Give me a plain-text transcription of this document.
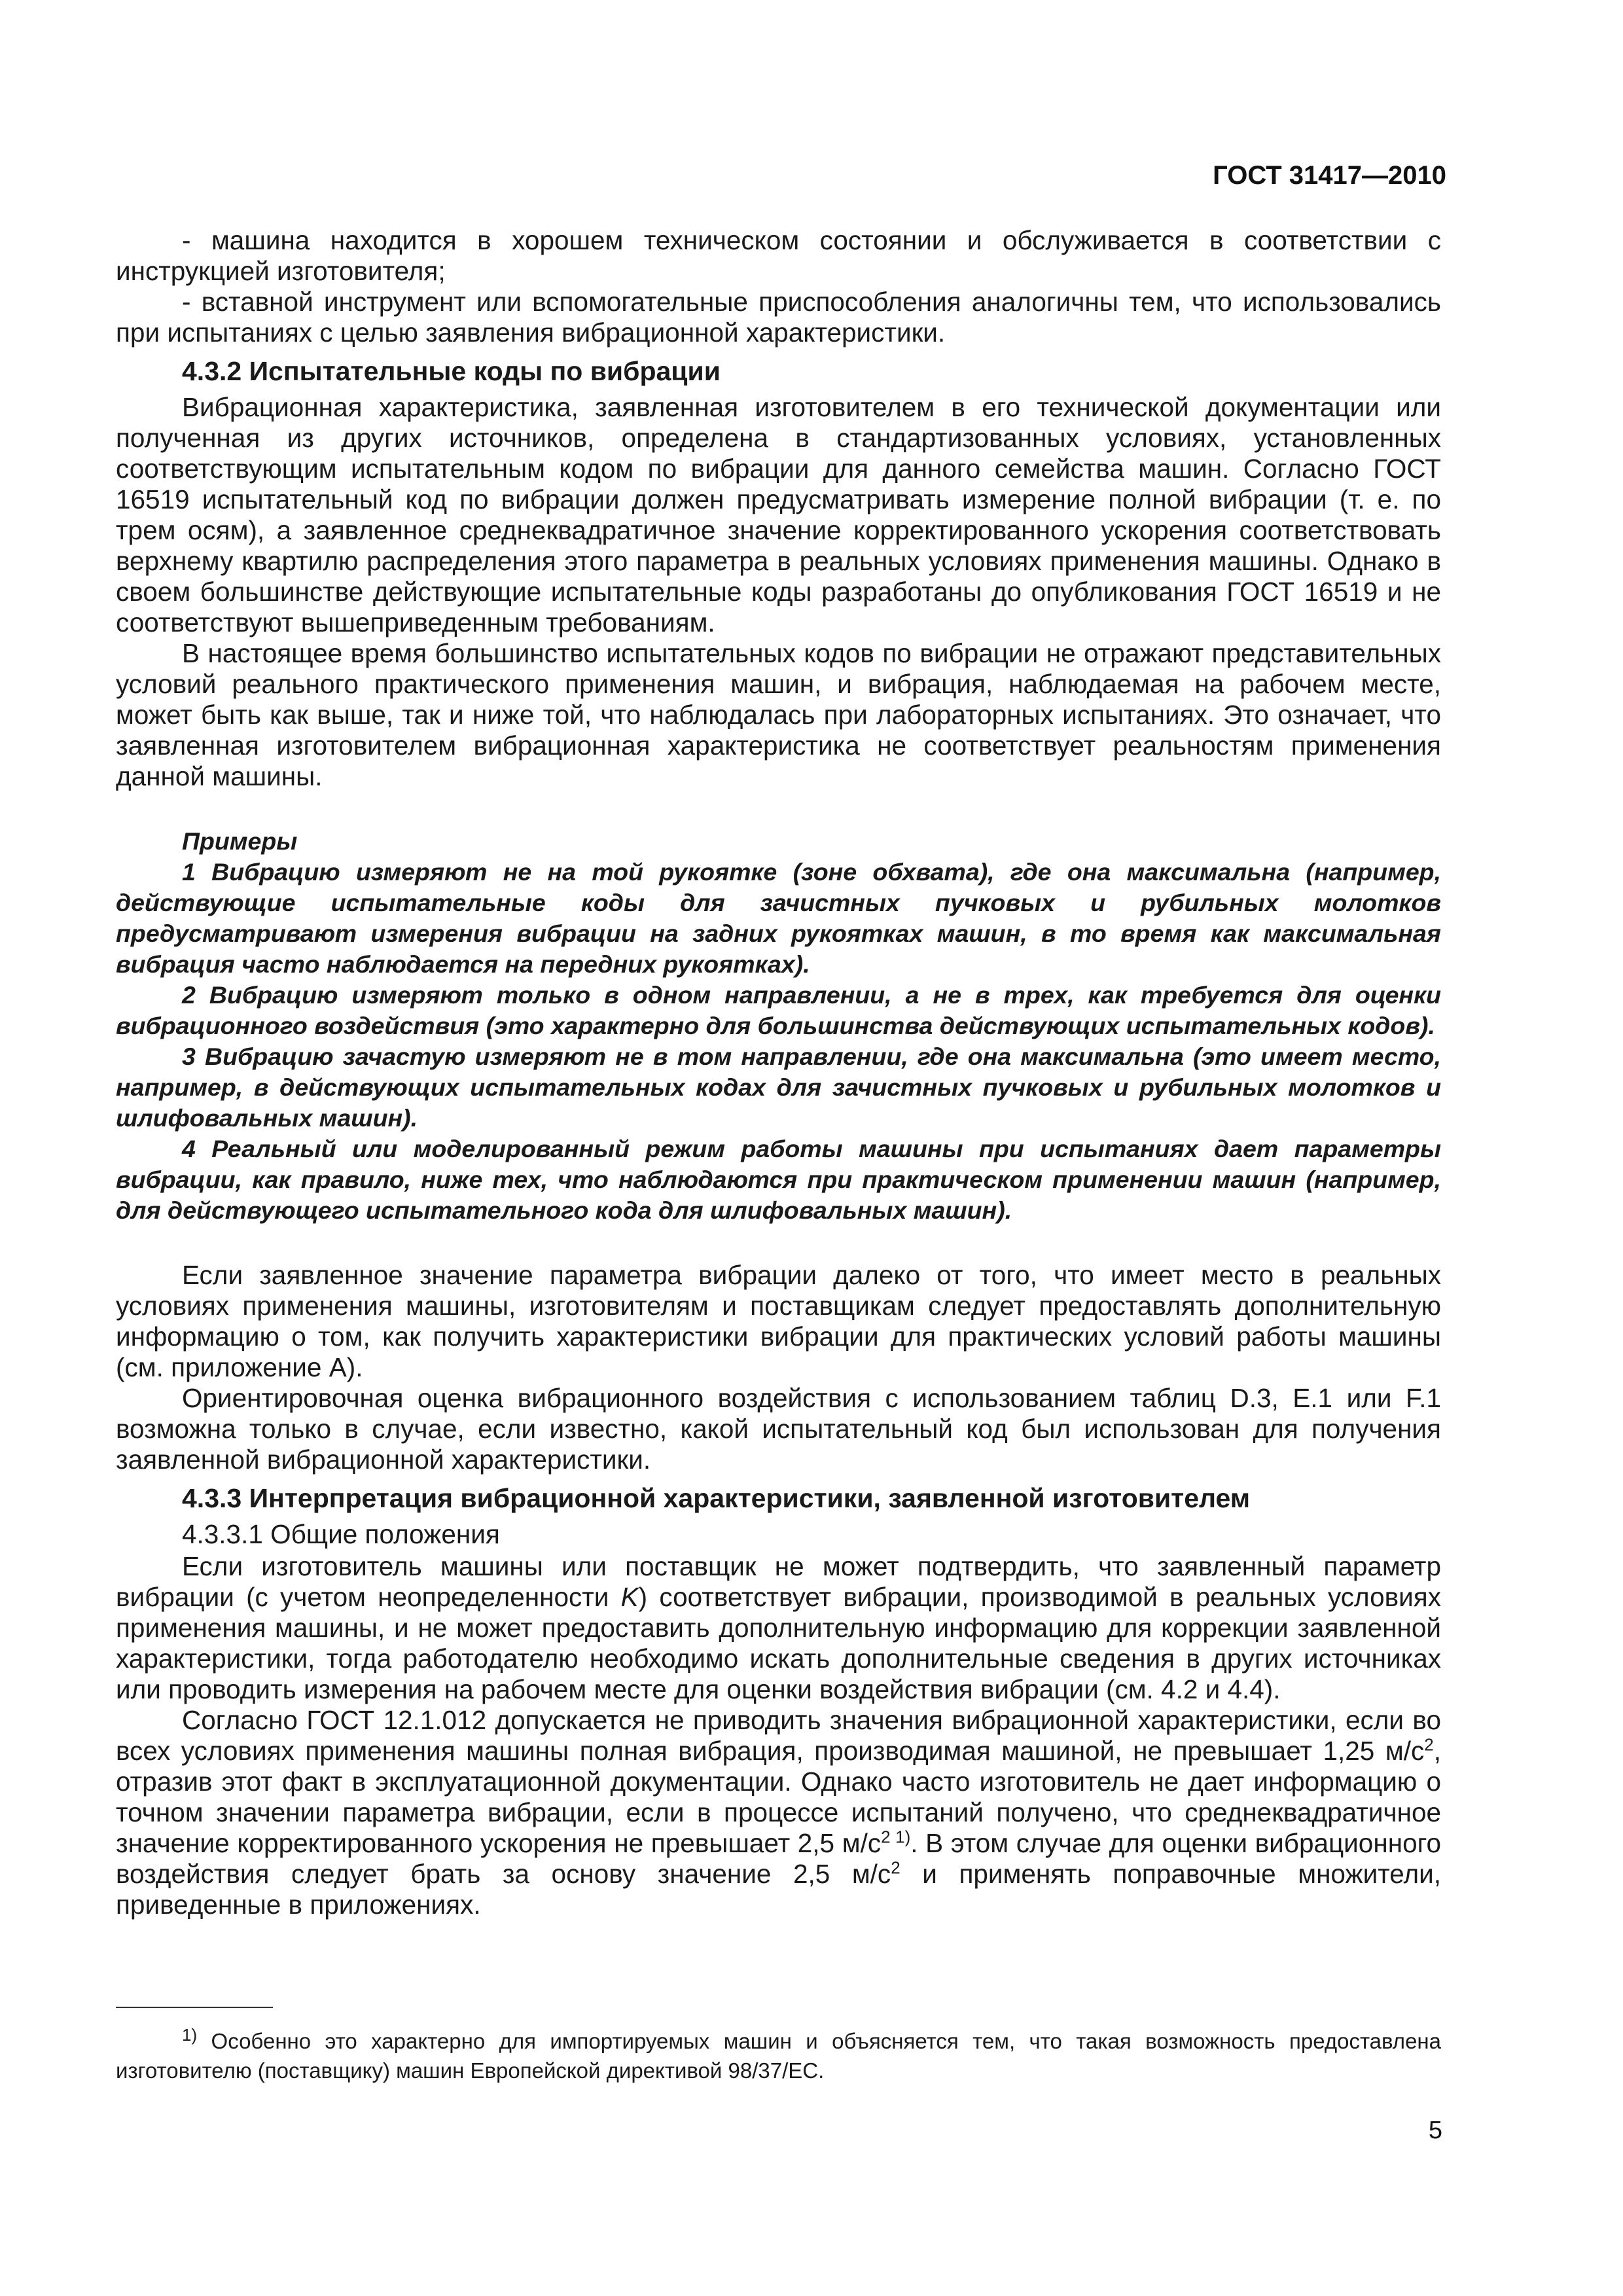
ГОСТ 31417—2010

- машина находится в хорошем техническом состоянии и обслуживается в соответствии с инструкцией изготовителя;

- вставной инструмент или вспомогательные приспособления аналогичны тем, что использовались при испытаниях с целью заявления вибрационной характеристики.

4.3.2 Испытательные коды по вибрации

Вибрационная характеристика, заявленная изготовителем в его технической документации или полученная из других источников, определена в стандартизованных условиях, установленных соответствующим испытательным кодом по вибрации для данного семейства машин. Согласно ГОСТ 16519 испытательный код по вибрации должен предусматривать измерение полной вибрации (т. е. по трем осям), а заявленное среднеквадратичное значение корректированного ускорения соответствовать верхнему квартилю распределения этого параметра в реальных условиях применения машины. Однако в своем большинстве действующие испытательные коды разработаны до опубликования ГОСТ 16519 и не соответствуют вышеприведенным требованиям.

В настоящее время большинство испытательных кодов по вибрации не отражают представительных условий реального практического применения машин, и вибрация, наблюдаемая на рабочем месте, может быть как выше, так и ниже той, что наблюдалась при лабораторных испытаниях. Это означает, что заявленная изготовителем вибрационная характеристика не соответствует реальностям применения данной машины.

Примеры

1 Вибрацию измеряют не на той рукоятке (зоне обхвата), где она максимальна (например, действующие испытательные коды для зачистных пучковых и рубильных молотков предусматривают измерения вибрации на задних рукоятках машин, в то время как максимальная вибрация часто наблюдается на передних рукоятках).

2 Вибрацию измеряют только в одном направлении, а не в трех, как требуется для оценки вибрационного воздействия (это характерно для большинства действующих испытательных кодов).

3 Вибрацию зачастую измеряют не в том направлении, где она максимальна (это имеет место, например, в действующих испытательных кодах для зачистных пучковых и рубильных молотков и шлифовальных машин).

4 Реальный или моделированный режим работы машины при испытаниях дает параметры вибрации, как правило, ниже тех, что наблюдаются при практическом применении машин (например, для действующего испытательного кода для шлифовальных машин).

Если заявленное значение параметра вибрации далеко от того, что имеет место в реальных условиях применения машины, изготовителям и поставщикам следует предоставлять дополнительную информацию о том, как получить характеристики вибрации для практических условий работы машины (см. приложение А).

Ориентировочная оценка вибрационного воздействия с использованием таблиц D.3, Е.1 или F.1 возможна только в случае, если известно, какой испытательный код был использован для получения заявленной вибрационной характеристики.

4.3.3 Интерпретация вибрационной характеристики, заявленной изготовителем
4.3.3.1 Общие положения

Если изготовитель машины или поставщик не может подтвердить, что заявленный параметр вибрации (с учетом неопределенности K) соответствует вибрации, производимой в реальных условиях применения машины, и не может предоставить дополнительную информацию для коррекции заявленной характеристики, тогда работодателю необходимо искать дополнительные сведения в других источниках или проводить измерения на рабочем месте для оценки воздействия вибрации (см. 4.2 и 4.4).

Согласно ГОСТ 12.1.012 допускается не приводить значения вибрационной характеристики, если во всех условиях применения машины полная вибрация, производимая машиной, не превышает 1,25 $м/с^2$, отразив этот факт в эксплуатационной документации. Однако часто изготовитель не дает информацию о точном значении параметра вибрации, если в процессе испытаний получено, что среднеквадратичное значение корректированного ускорения не превышает 2,5 $м/с^{2 1)}$. В этом случае для оценки вибрационного воздействия следует брать за основу значение 2,5 $м/с^2$ и применять поправочные множители, приведенные в приложениях.

$^{1)}$ Особенно это характерно для импортируемых машин и объясняется тем, что такая возможность предоставлена изготовителю (поставщику) машин Европейской директивой 98/37/ЕС.
5
